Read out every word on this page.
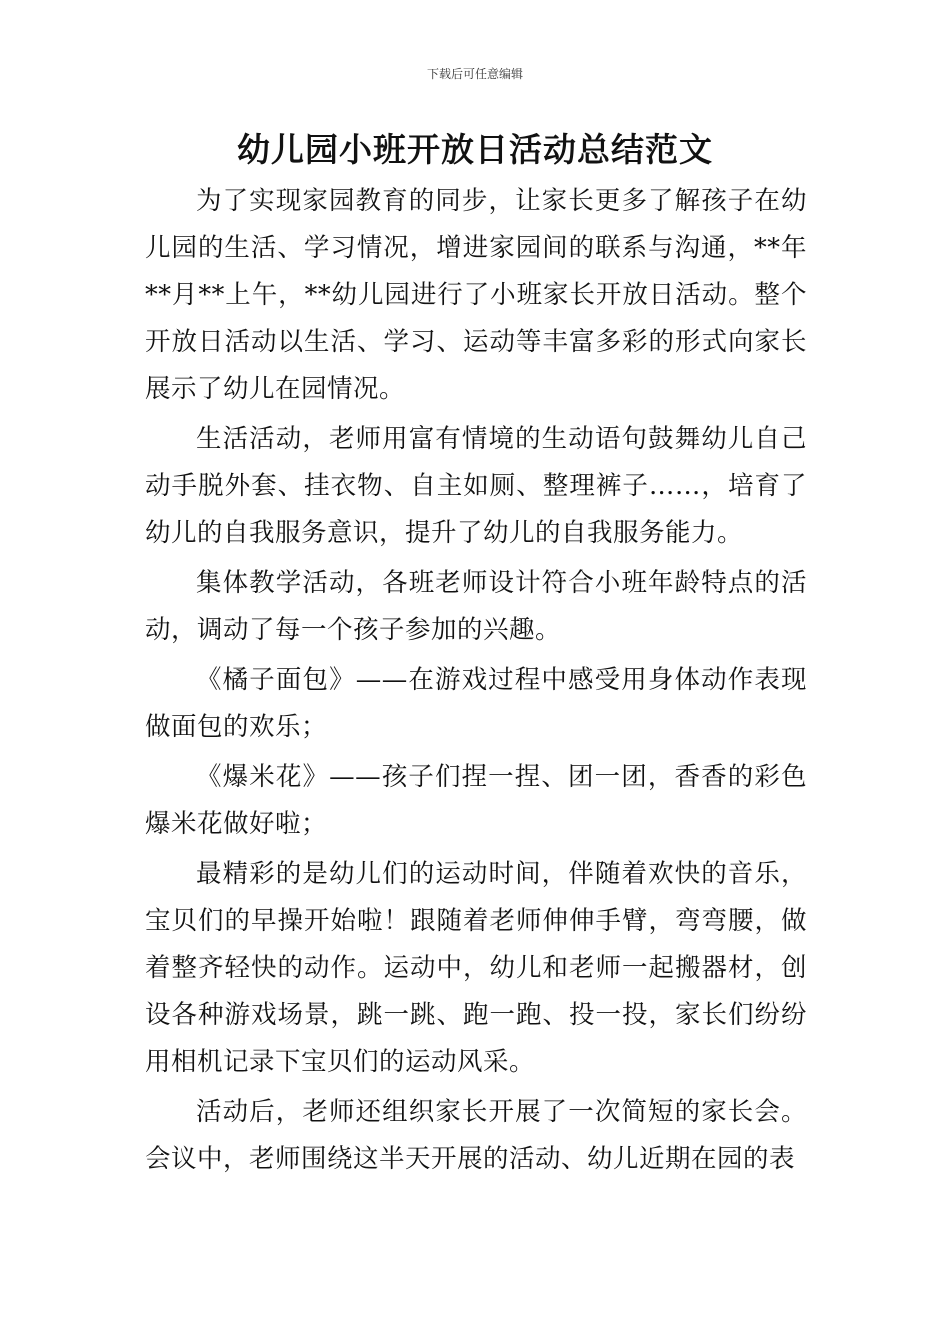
下载后可任意编辑
幼儿园小班开放日活动总结范文

为了实现家园教育的同步，让家长更多了解孩子在幼儿园的生活、学习情况，增进家园间的联系与沟通，**年**月**上午，**幼儿园进行了小班家长开放日活动。整个开放日活动以生活、学习、运动等丰富多彩的形式向家长展示了幼儿在园情况。

生活活动，老师用富有情境的生动语句鼓舞幼儿自己动手脱外套、挂衣物、自主如厕、整理裤子……，培育了幼儿的自我服务意识，提升了幼儿的自我服务能力。

集体教学活动，各班老师设计符合小班年龄特点的活动，调动了每一个孩子参加的兴趣。

《橘子面包》——在游戏过程中感受用身体动作表现做面包的欢乐；

《爆米花》——孩子们捏一捏、团一团，香香的彩色爆米花做好啦；

最精彩的是幼儿们的运动时间，伴随着欢快的音乐，宝贝们的早操开始啦！跟随着老师伸伸手臂，弯弯腰，做着整齐轻快的动作。运动中，幼儿和老师一起搬器材，创设各种游戏场景，跳一跳、跑一跑、投一投，家长们纷纷用相机记录下宝贝们的运动风采。

活动后，老师还组织家长开展了一次简短的家长会。会议中，老师围绕这半天开展的活动、幼儿近期在园的表
